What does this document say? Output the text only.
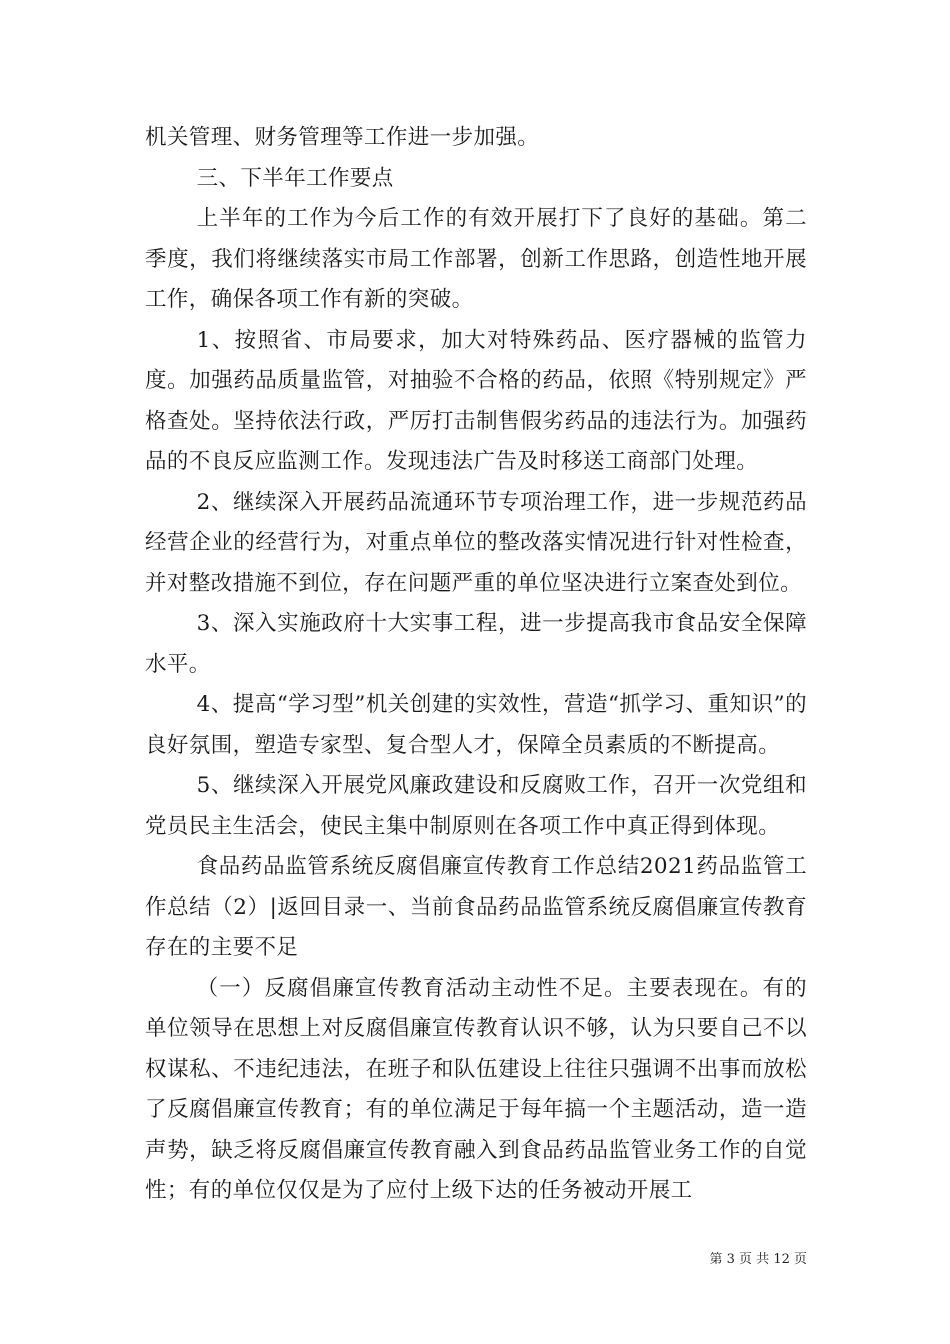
机关管理、财务管理等工作进一步加强。

三、下半年工作要点

上半年的工作为今后工作的有效开展打下了良好的基础。第二季度，我们将继续落实市局工作部署，创新工作思路，创造性地开展工作，确保各项工作有新的突破。

1、按照省、市局要求，加大对特殊药品、医疗器械的监管力度。加强药品质量监管，对抽验不合格的药品，依照《特别规定》严格查处。坚持依法行政，严厉打击制售假劣药品的违法行为。加强药品的不良反应监测工作。发现违法广告及时移送工商部门处理。

2、继续深入开展药品流通环节专项治理工作，进一步规范药品经营企业的经营行为，对重点单位的整改落实情况进行针对性检查，并对整改措施不到位，存在问题严重的单位坚决进行立案查处到位。

3、深入实施政府十大实事工程，进一步提高我市食品安全保障水平。

4、提高“学习型”机关创建的实效性，营造“抓学习、重知识”的良好氛围，塑造专家型、复合型人才，保障全员素质的不断提高。

5、继续深入开展党风廉政建设和反腐败工作，召开一次党组和党员民主生活会，使民主集中制原则在各项工作中真正得到体现。

食品药品监管系统反腐倡廉宣传教育工作总结2021药品监管工作总结（2）|返回目录一、当前食品药品监管系统反腐倡廉宣传教育存在的主要不足

（一）反腐倡廉宣传教育活动主动性不足。主要表现在。有的单位领导在思想上对反腐倡廉宣传教育认识不够，认为只要自己不以权谋私、不违纪违法，在班子和队伍建设上往往只强调不出事而放松了反腐倡廉宣传教育；有的单位满足于每年搞一个主题活动，造一造声势，缺乏将反腐倡廉宣传教育融入到食品药品监管业务工作的自觉性；有的单位仅仅是为了应付上级下达的任务被动开展工

第 3 页 共 12 页
